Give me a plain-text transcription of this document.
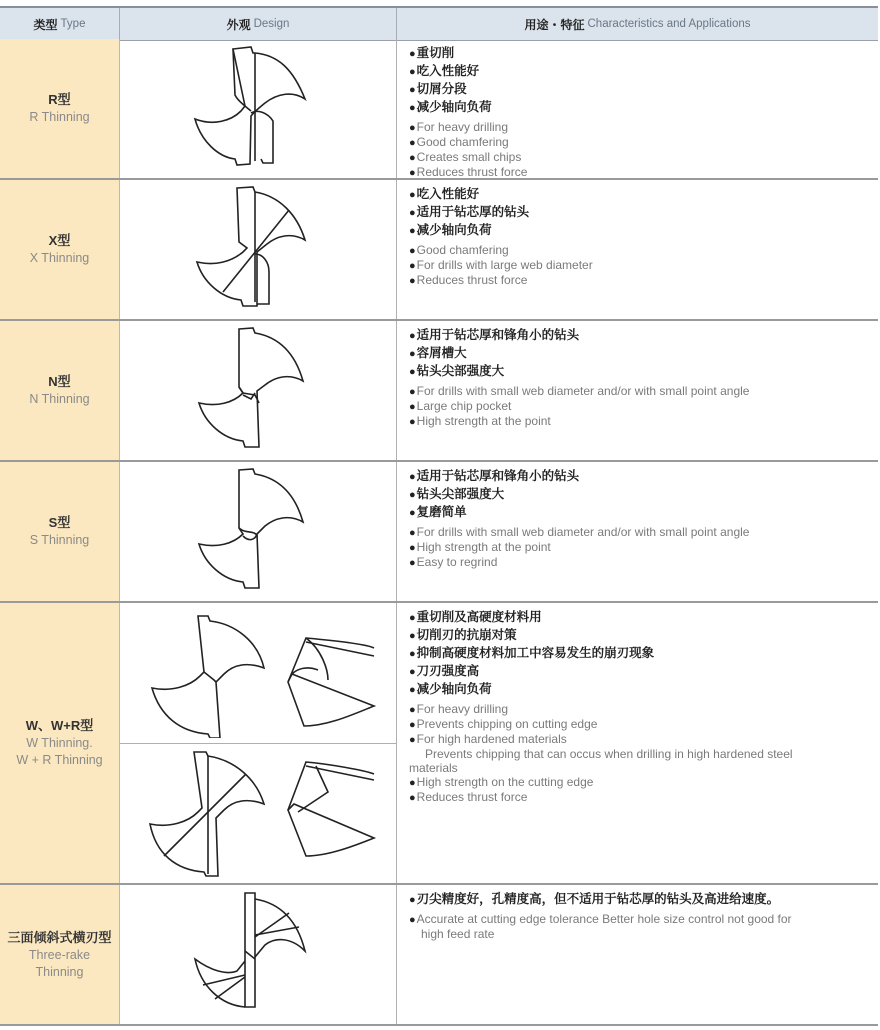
类型 Type	外观 Design	用途・特征 Characteristics and Applications
R型
R Thinning
●重切削
●吃入性能好
●切屑分段
●减少轴向负荷
●For heavy drilling
●Good chamfering
●Creates small chips
●Reduces thrust force
X型
X Thinning
●吃入性能好
●适用于钻芯厚的钻头
●减少轴向负荷
●Good chamfering
●For drills with large web diameter
●Reduces thrust force
N型
N Thinning
●适用于钻芯厚和锋角小的钻头
●容屑槽大
●钻头尖部强度大
●For drills with small web diameter and/or with small point angle
●Large chip pocket
●High strength at the point
S型
S Thinning
●适用于钻芯厚和锋角小的钻头
●钻头尖部强度大
●复磨简单
●For drills with small web diameter and/or with small point angle
●High strength at the point
●Easy to regrind
W、W+R型
W Thinning.
W + R Thinning
●重切削及高硬度材料用
●切削刃的抗崩对策
●抑制高硬度材料加工中容易发生的崩刃现象
●刀刃强度高
●减少轴向负荷
●For heavy drilling
●Prevents chipping on cutting edge
●For high hardened materials
Prevents chipping that can occus when drilling in high hardened steel
materials
●High strength on the cutting edge
●Reduces thrust force
三面倾斜式横刃型
Three-rake
Thinning
●刃尖精度好，孔精度高，但不适用于钻芯厚的钻头及高进给速度。
●Accurate at cutting edge tolerance Better hole size control not good for
high feed rate
